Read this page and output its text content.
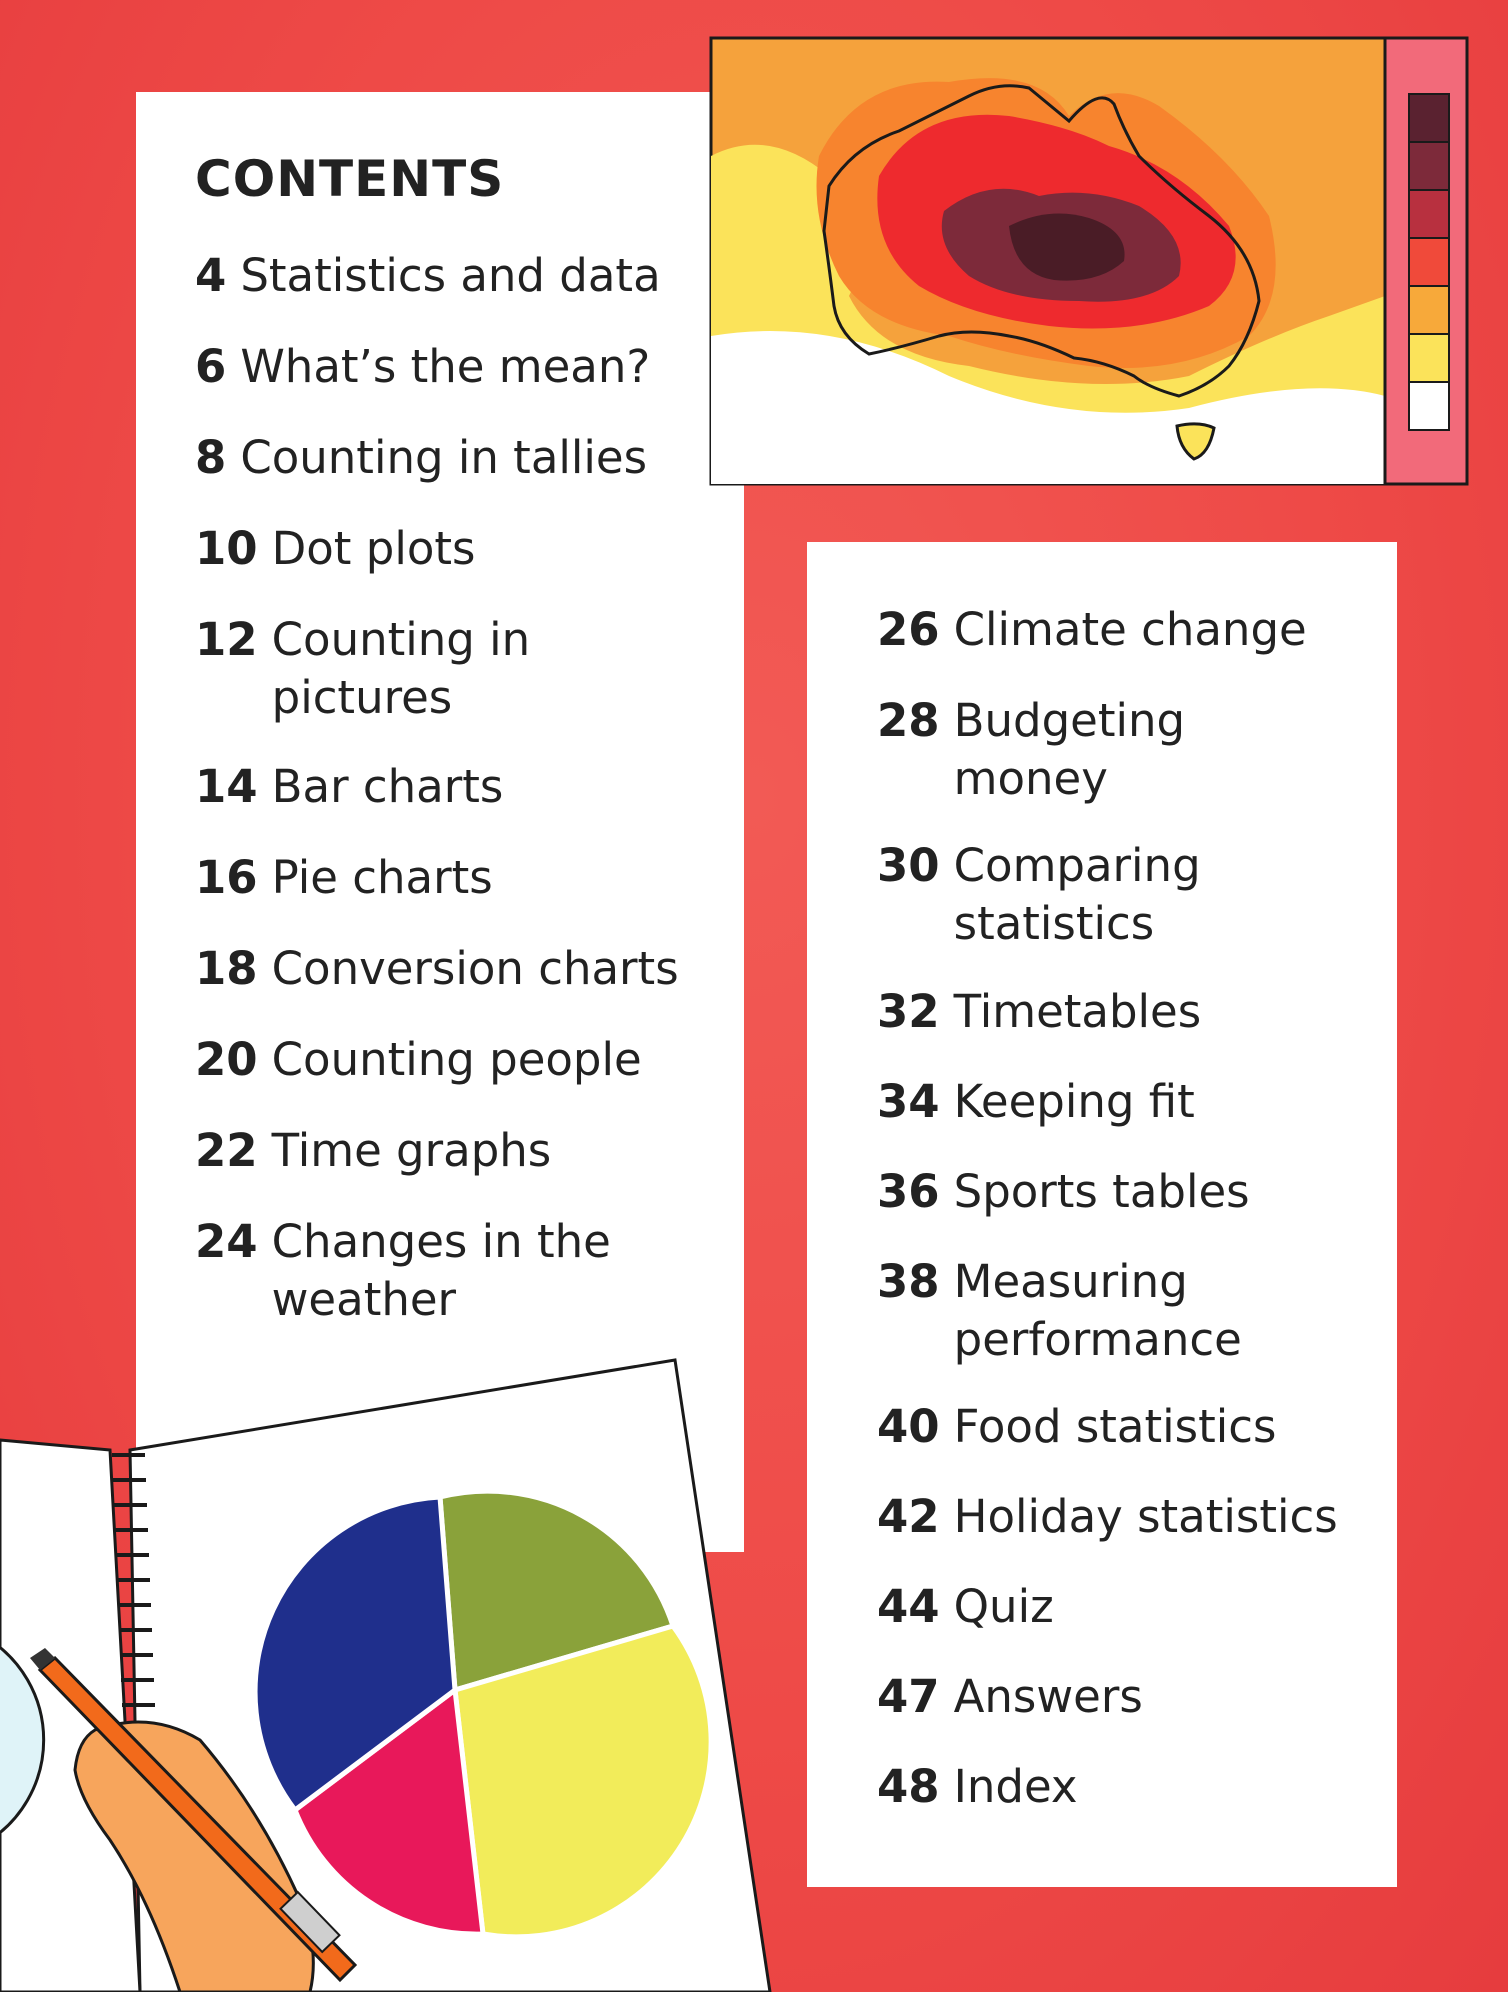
CONTENTS
4 Statistics and data
6 What’s the mean?
8 Counting in tallies
10 Dot plots
12 Counting in
pictures
14 Bar charts
16 Pie charts
18 Conversion charts
20 Counting people
22 Time graphs
24 Changes in the
weather
26 Climate change
28 Budgeting
money
30 Comparing
statistics
32 Timetables
34 Keeping fit
36 Sports tables
38 Measuring
performance
40 Food statistics
42 Holiday statistics
44 Quiz
47 Answers
48 Index
